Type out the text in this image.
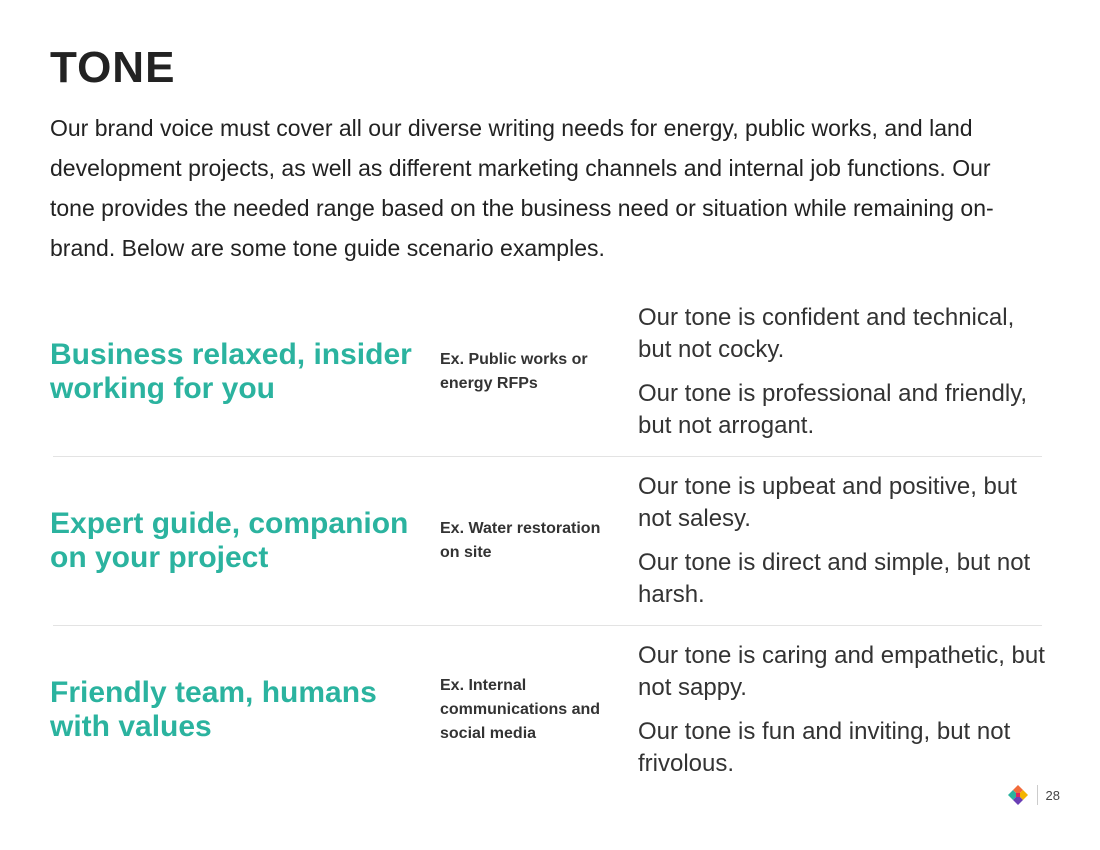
TONE

Our brand voice must cover all our diverse writing needs for energy, public works, and land development projects, as well as different marketing channels and internal job functions. Our tone provides the needed range based on the business need or situation while remaining on-brand. Below are some tone guide scenario examples.

Business relaxed, insider working for you
Ex. Public works or energy RFPs

Our tone is confident and technical, but not cocky.

Our tone is professional and friendly, but not arrogant.

Expert guide, companion on your project
Ex. Water restoration on site

Our tone is upbeat and positive, but not salesy.

Our tone is direct and simple, but not harsh.

Friendly team, humans with values
Ex. Internal communications and social media

Our tone is caring and empathetic, but not sappy.

Our tone is fun and inviting, but not frivolous.

28
